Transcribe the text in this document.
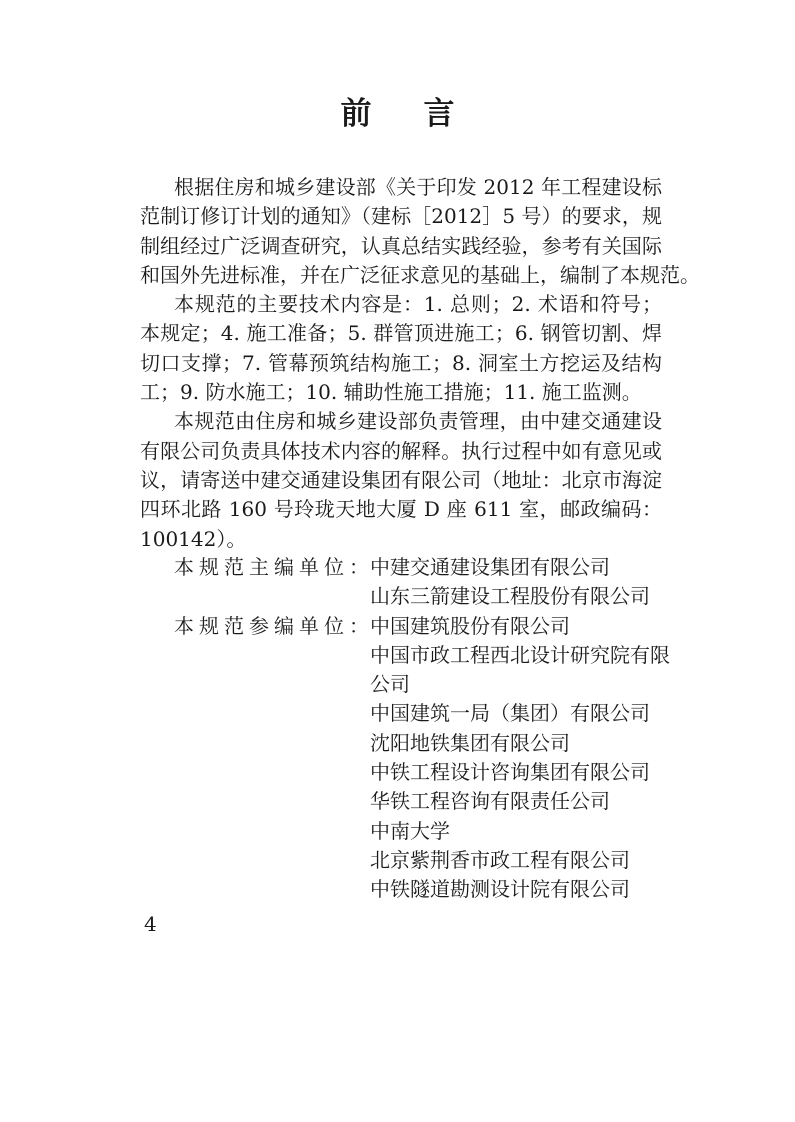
前 言
根据住房和城乡建设部《关于印发 2012 年工程建设标
范制订修订计划的通知》（建标［2012］5 号）的要求，规
制组经过广泛调查研究，认真总结实践经验，参考有关国际
和国外先进标准，并在广泛征求意见的基础上，编制了本规范。
本规范的主要技术内容是：1. 总则；2. 术语和符号；
本规定；4. 施工准备；5. 群管顶进施工；6. 钢管切割、焊
切口支撑；7. 管幕预筑结构施工；8. 洞室土方挖运及结构
工；9. 防水施工；10. 辅助性施工措施；11. 施工监测。
本规范由住房和城乡建设部负责管理，由中建交通建设
有限公司负责具体技术内容的解释。执行过程中如有意见或
议，请寄送中建交通建设集团有限公司（地址：北京市海淀
四环北路 160 号玲珑天地大厦 D 座 611 室，邮政编码：
100142）。
本规范主编单位：
中建交通建设集团有限公司
山东三箭建设工程股份有限公司
本规范参编单位：
中国建筑股份有限公司
中国市政工程西北设计研究院有限
公司
中国建筑一局（集团）有限公司
沈阳地铁集团有限公司
中铁工程设计咨询集团有限公司
华铁工程咨询有限责任公司
中南大学
北京紫荆香市政工程有限公司
中铁隧道勘测设计院有限公司
4
